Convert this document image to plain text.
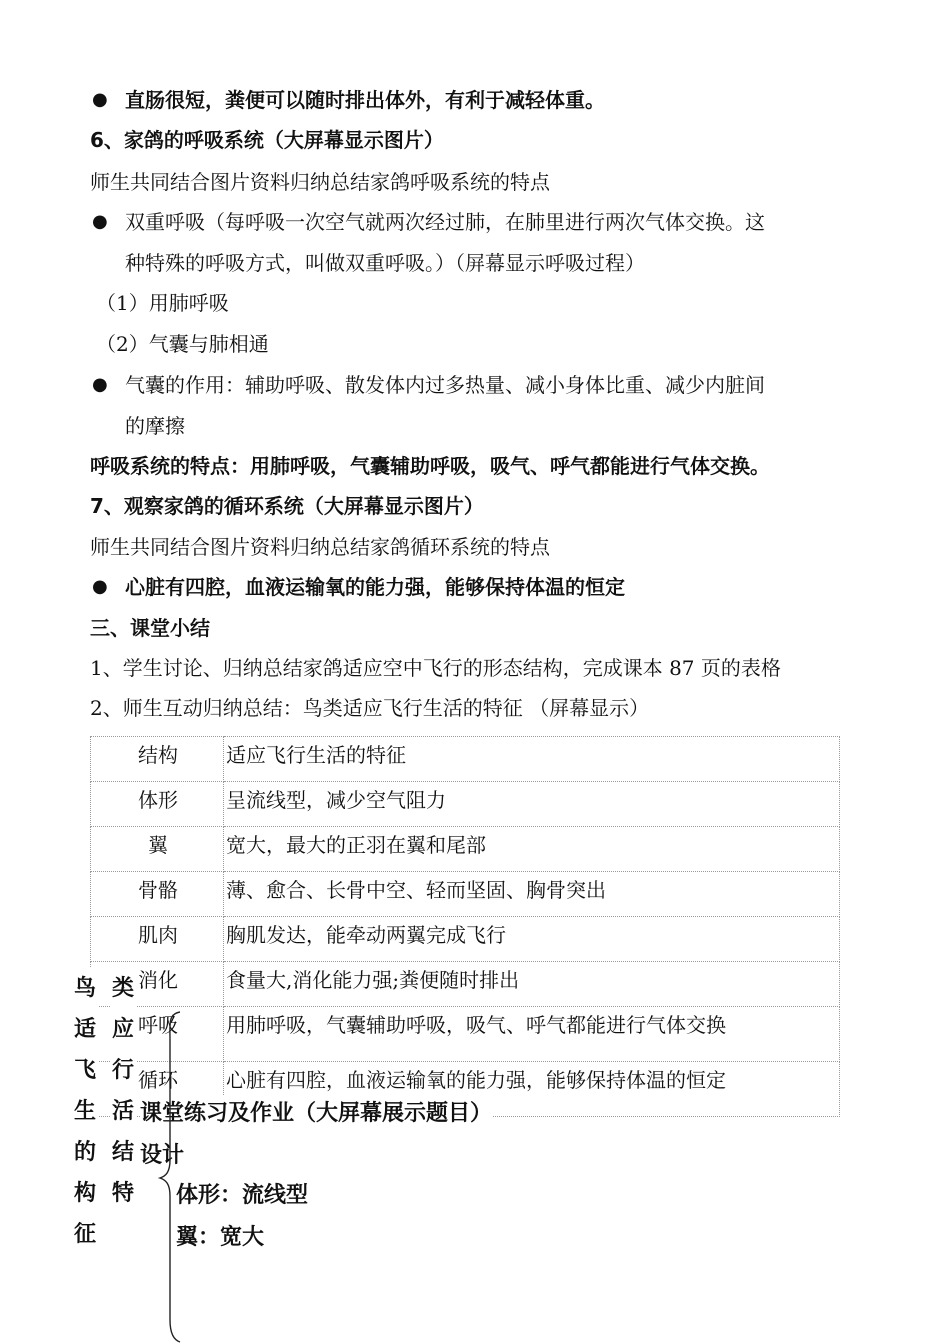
● 直肠很短，粪便可以随时排出体外，有利于减轻体重。
6、家鸽的呼吸系统（大屏幕显示图片）
师生共同结合图片资料归纳总结家鸽呼吸系统的特点
● 双重呼吸（每呼吸一次空气就两次经过肺，在肺里进行两次气体交换。这
种特殊的呼吸方式，叫做双重呼吸。）（屏幕显示呼吸过程）
（1）用肺呼吸
（2）气囊与肺相通
● 气囊的作用：辅助呼吸、散发体内过多热量、减小身体比重、减少内脏间
的摩擦
呼吸系统的特点：用肺呼吸，气囊辅助呼吸，吸气、呼气都能进行气体交换。
7、观察家鸽的循环系统（大屏幕显示图片）
师生共同结合图片资料归纳总结家鸽循环系统的特点
● 心脏有四腔，血液运输氧的能力强，能够保持体温的恒定
三、课堂小结
1、学生讨论、归纳总结家鸽适应空中飞行的形态结构，完成课本 87 页的表格
2、师生互动归纳总结：鸟类适应飞行生活的特征 （屏幕显示）
结构	适应飞行生活的特征
体形	呈流线型，减少空气阻力
翼	宽大，最大的正羽在翼和尾部
骨骼	薄、愈合、长骨中空、轻而坚固、胸骨突出
肌肉	胸肌发达，能牵动两翼完成飞行
消化	食量大,消化能力强;粪便随时排出
呼吸	用肺呼吸，气囊辅助呼吸，吸气、呼气都能进行气体交换
循环	心脏有四腔，血液运输氧的能力强，能够保持体温的恒定
课堂练习及作业（大屏幕展示题目）
设计
鸟
适
飞
生
的
构
征
类
应
行
活
结
特 体形：流线型
翼：宽大
